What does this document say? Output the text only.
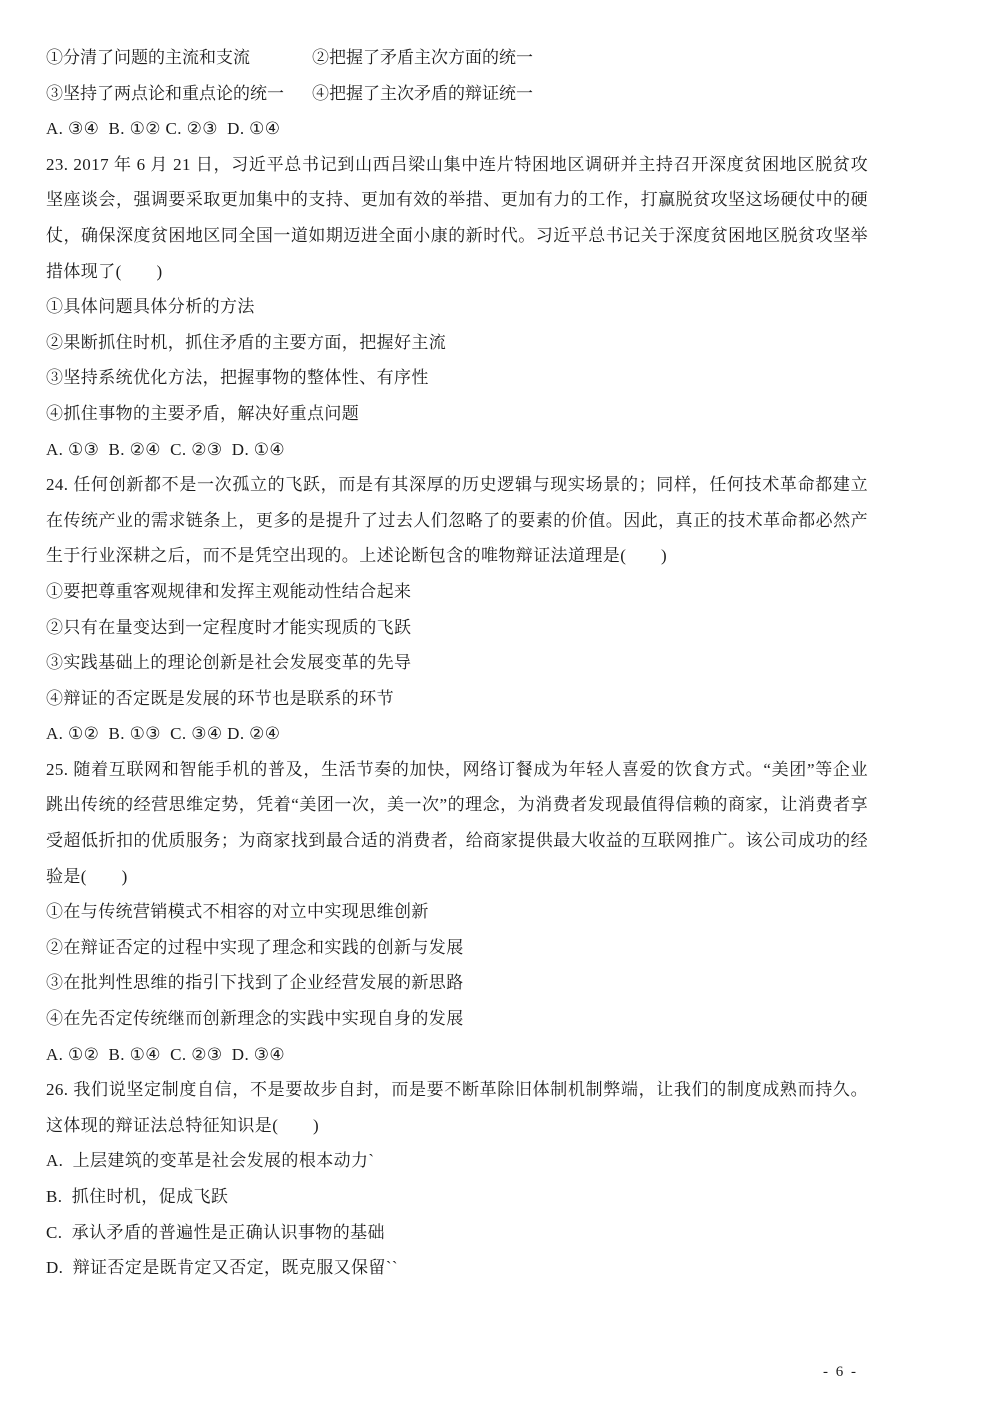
①分清了问题的主流和支流	②把握了矛盾主次方面的统一
③坚持了两点论和重点论的统一	④把握了主次矛盾的辩证统一
A. ③④  B. ①② C. ②③  D. ①④
23. 2017 年 6 月 21 日，习近平总书记到山西吕梁山集中连片特困地区调研并主持召开深度贫困地区脱贫攻坚座谈会，强调要采取更加集中的支持、更加有效的举措、更加有力的工作，打赢脱贫攻坚这场硬仗中的硬仗，确保深度贫困地区同全国一道如期迈进全面小康的新时代。习近平总书记关于深度贫困地区脱贫攻坚举措体现了(　　)
①具体问题具体分析的方法
②果断抓住时机，抓住矛盾的主要方面，把握好主流
③坚持系统优化方法，把握事物的整体性、有序性
④抓住事物的主要矛盾，解决好重点问题
A. ①③  B. ②④  C. ②③  D. ①④
24. 任何创新都不是一次孤立的飞跃，而是有其深厚的历史逻辑与现实场景的；同样，任何技术革命都建立在传统产业的需求链条上，更多的是提升了过去人们忽略了的要素的价值。因此，真正的技术革命都必然产生于行业深耕之后，而不是凭空出现的。上述论断包含的唯物辩证法道理是(　　)
①要把尊重客观规律和发挥主观能动性结合起来
②只有在量变达到一定程度时才能实现质的飞跃
③实践基础上的理论创新是社会发展变革的先导
④辩证的否定既是发展的环节也是联系的环节
A. ①②  B. ①③  C. ③④ D. ②④
25. 随着互联网和智能手机的普及，生活节奏的加快，网络订餐成为年轻人喜爱的饮食方式。“美团”等企业跳出传统的经营思维定势，凭着“美团一次，美一次”的理念，为消费者发现最值得信赖的商家，让消费者享受超低折扣的优质服务；为商家找到最合适的消费者，给商家提供最大收益的互联网推广。该公司成功的经验是(　　)
①在与传统营销模式不相容的对立中实现思维创新
②在辩证否定的过程中实现了理念和实践的创新与发展
③在批判性思维的指引下找到了企业经营发展的新思路
④在先否定传统继而创新理念的实践中实现自身的发展
A. ①②  B. ①④  C. ②③  D. ③④
26. 我们说坚定制度自信，不是要故步自封，而是要不断革除旧体制机制弊端，让我们的制度成熟而持久。这体现的辩证法总特征知识是(　　)
A.  上层建筑的变革是社会发展的根本动力`
B.  抓住时机，促成飞跃
C.  承认矛盾的普遍性是正确认识事物的基础
D.  辩证否定是既肯定又否定，既克服又保留``
- 6 -
